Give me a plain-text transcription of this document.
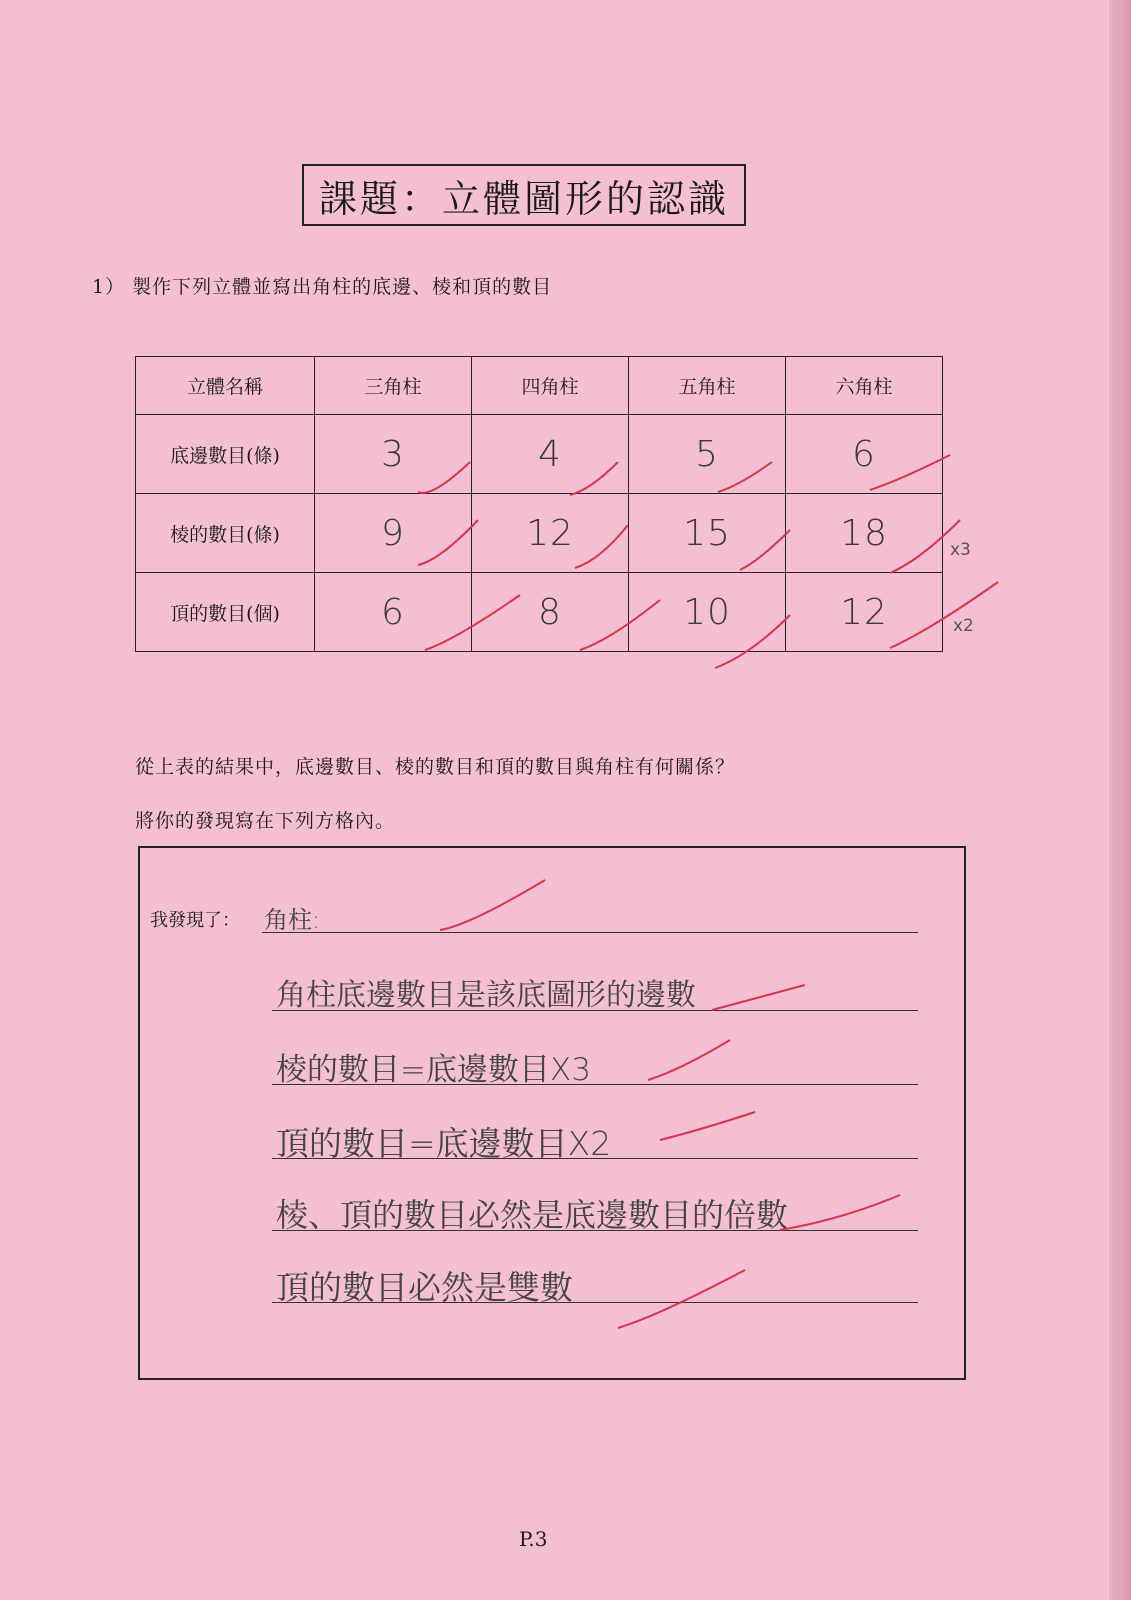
課題：立體圖形的認識
1） 製作下列立體並寫出角柱的底邊、棱和頂的數目
立體名稱	三角柱	四角柱	五角柱	六角柱
底邊數目(條)	3	4	5	6
棱的數目(條)	9	12	15	18
頂的數目(個)	6	8	10	12
x3
x2
從上表的結果中，底邊數目、棱的數目和頂的數目與角柱有何關係？
將你的發現寫在下列方格內。
我發現了： 角柱:
角柱底邊數目是該底圖形的邊數
棱的數目=底邊數目X3
頂的數目=底邊數目X2
棱、頂的數目必然是底邊數目的倍數
頂的數目必然是雙數
P.3
